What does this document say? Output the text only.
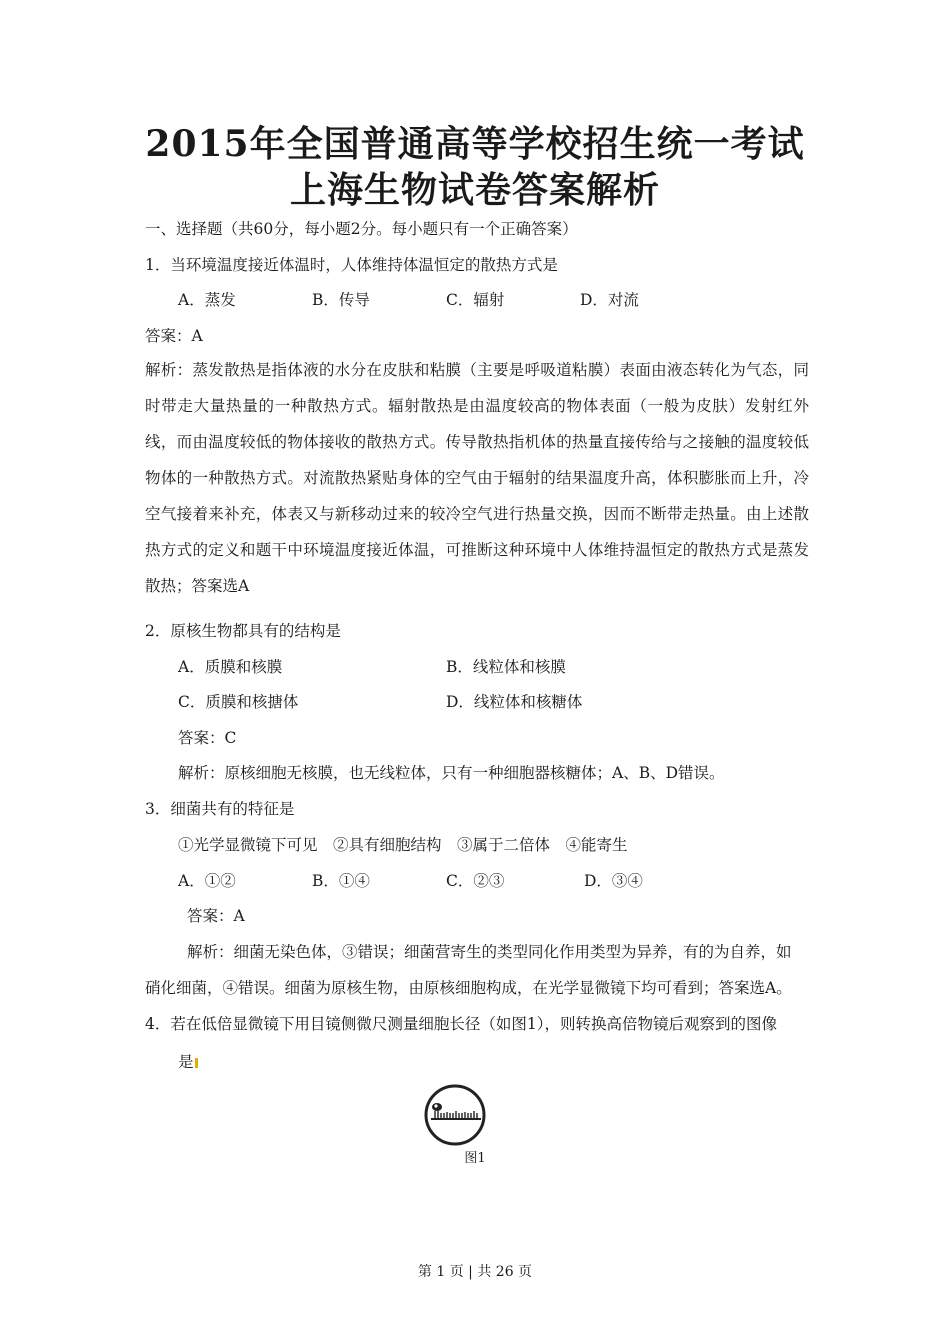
2015年全国普通高等学校招生统一考试
上海生物试卷答案解析
一、选择题（共60分，每小题2分。每小题只有一个正确答案）
1．当环境温度接近体温时，人体维持体温恒定的散热方式是
A．蒸发	B．传导	C．辐射	D．对流
答案：A
解析：蒸发散热是指体液的水分在皮肤和粘膜（主要是呼吸道粘膜）表面由液态转化为气态，同时带走大量热量的一种散热方式。辐射散热是由温度较高的物体表面（一般为皮肤）发射红外线，而由温度较低的物体接收的散热方式。传导散热指机体的热量直接传给与之接触的温度较低物体的一种散热方式。对流散热紧贴身体的空气由于辐射的结果温度升高，体积膨胀而上升，冷空气接着来补充，体表又与新移动过来的较冷空气进行热量交换，因而不断带走热量。由上述散热方式的定义和题干中环境温度接近体温，可推断这种环境中人体维持温恒定的散热方式是蒸发散热；答案选A
2．原核生物都具有的结构是
A．质膜和核膜	B．线粒体和核膜
C．质膜和核搪体	D．线粒体和核糖体
答案：C
解析：原核细胞无核膜，也无线粒体，只有一种细胞器核糖体；A、B、D错误。
3．细菌共有的特征是
①光学显微镜下可见　②具有细胞结构　③属于二倍体　④能寄生
A．①②	B．①④	C．②③	D．③④
答案：A
解析：细菌无染色体，③错误；细菌营寄生的类型同化作用类型为异养，有的为自养，如
硝化细菌，④错误。细菌为原核生物，由原核细胞构成，在光学显微镜下均可看到；答案选A。
4．若在低倍显微镜下用目镜侧微尺测量细胞长径（如图1），则转换高倍物镜后观察到的图像
是
图1
第 1 页 | 共 26 页
